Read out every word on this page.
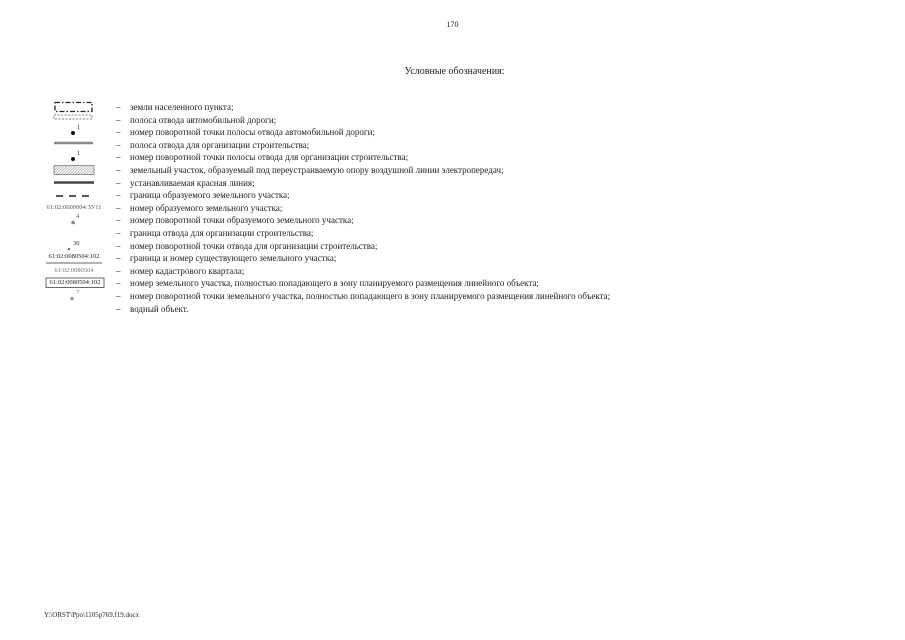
170
Условные обозначения:
– земли населенного пункта;
– полоса отвода автомобильной дороги;
1	– номер поворотной точки полосы отвода автомобильной дороги;
– полоса отвода для организации строительства;
1	– номер поворотной точки полосы отвода для организации строительства;
– земельный участок, образуемый под переустраиваемую опору воздушной линии электропередач;
– устанавливаемая красная линия;
– граница образуемого земельного участка;
61:02:0600004:ЗУ11	– номер образуемого земельного участка;
4	– номер поворотной точки образуемого земельного участка;
– граница отвода для организации строительства;
30	– номер поворотной точки отвода для организации строительства;
61:02:0080504:102	– граница и номер существующего земельного участка;
61:02:0080504	– номер кадастрового квартала;
61:02:0080504:102	– номер земельного участка, полностью попадающего в зону планируемого размещения линейного объекта;
7	– номер поворотной точки земельного участка, полностью попадающего в зону планируемого размещения линейного объекта;
– водный объект.
Y:\ORST\Ppo\1105p769.f19.docx
